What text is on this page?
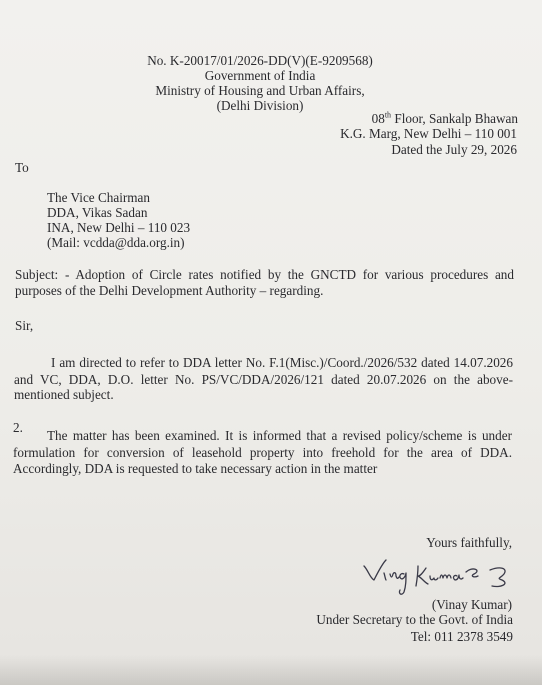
No. K-20017/01/2026-DD(V)(E-9209568)
Government of India
Ministry of Housing and Urban Affairs,
(Delhi Division)
08th Floor, Sankalp Bhawan
K.G. Marg, New Delhi – 110 001
Dated the July 29, 2026
To
The Vice Chairman
DDA, Vikas Sadan
INA, New Delhi – 110 023
(Mail: vcdda@dda.org.in)
Subject: - Adoption of Circle rates notified by the GNCTD for various procedures and
purposes of the Delhi Development Authority – regarding.
Sir,
I am directed to refer to DDA letter No. F.1(Misc.)/Coord./2026/532 dated 14.07.2026
and VC, DDA, D.O. letter No. PS/VC/DDA/2026/121 dated 20.07.2026 on the above-
mentioned subject.
2.
The matter has been examined. It is informed that a revised policy/scheme is under
formulation for conversion of leasehold property into freehold for the area of DDA.
Accordingly, DDA is requested to take necessary action in the matter
Yours faithfully,
(Vinay Kumar)
Under Secretary to the Govt. of India
Tel: 011 2378 3549
